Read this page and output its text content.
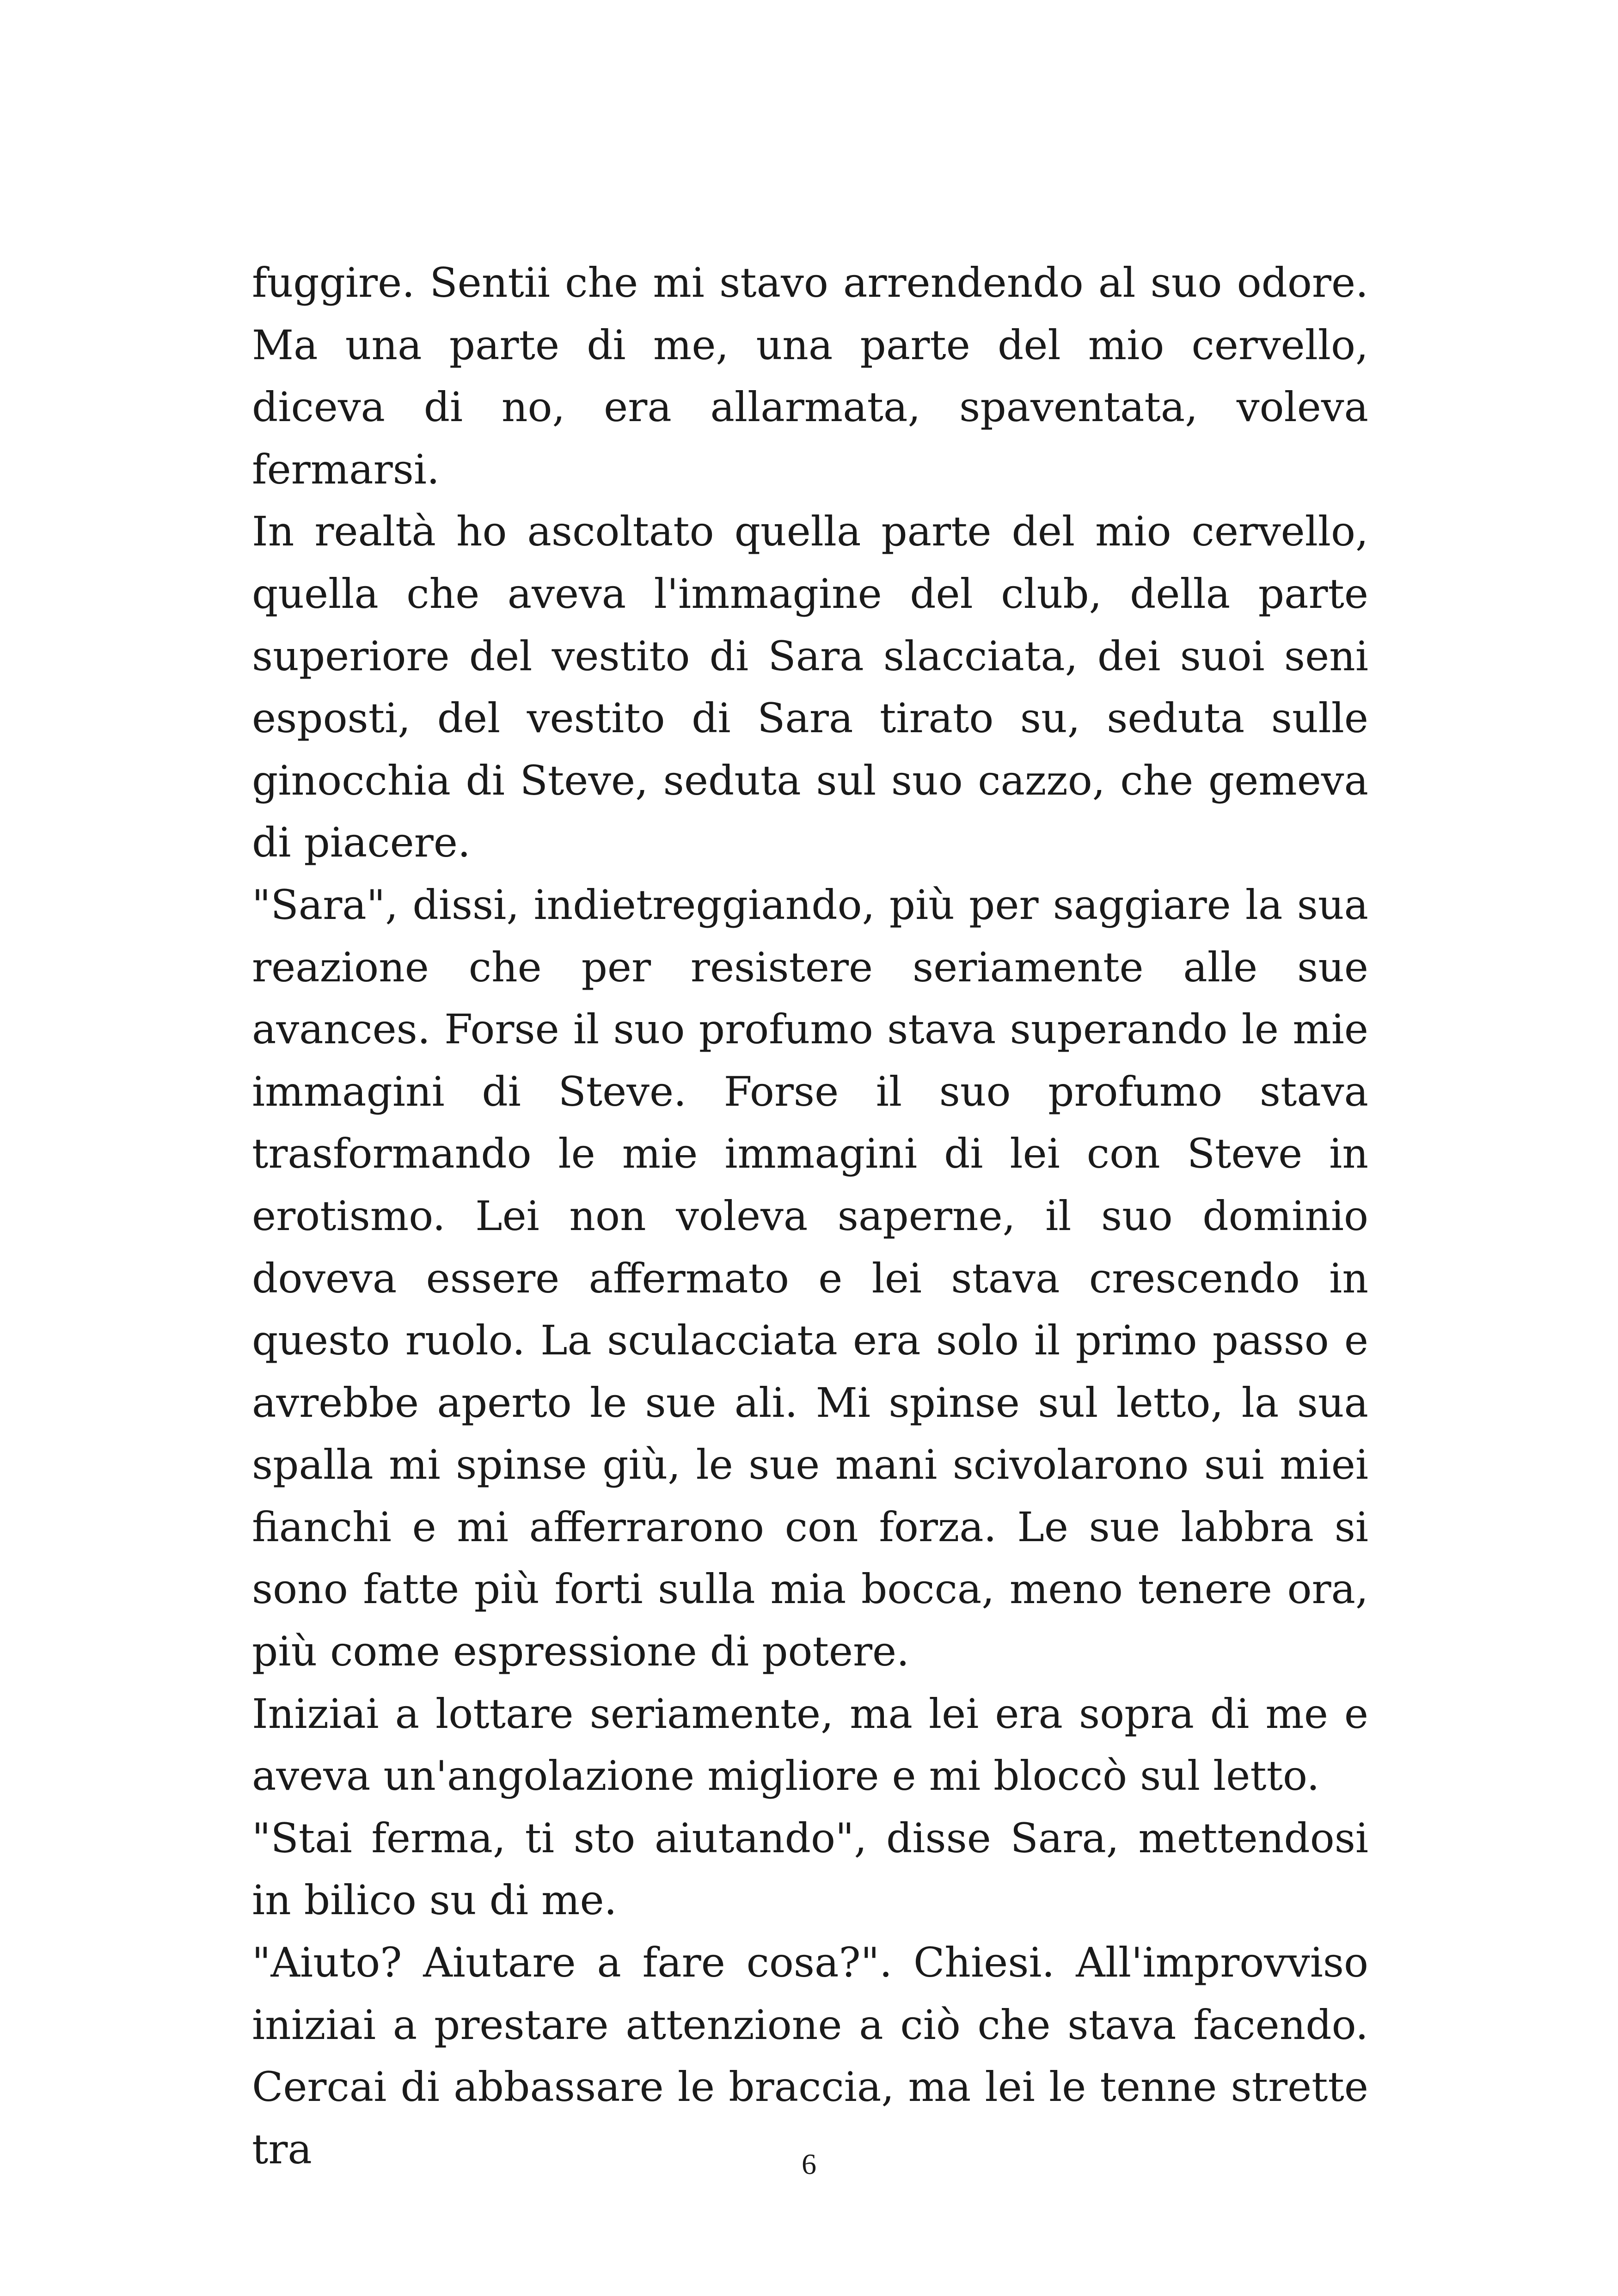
fuggire. Sentii che mi stavo arrendendo al suo odore. Ma una parte di me, una parte del mio cervello, diceva di no, era allarmata, spaventata, voleva fermarsi.

In realtà ho ascoltato quella parte del mio cervello, quella che aveva l'immagine del club, della parte superiore del vestito di Sara slacciata, dei suoi seni esposti, del vestito di Sara tirato su, seduta sulle ginocchia di Steve, seduta sul suo cazzo, che gemeva di piacere.

"Sara", dissi, indietreggiando, più per saggiare la sua reazione che per resistere seriamente alle sue avances. Forse il suo profumo stava superando le mie immagini di Steve. Forse il suo profumo stava trasformando le mie immagini di lei con Steve in erotismo. Lei non voleva saperne, il suo dominio doveva essere affermato e lei stava crescendo in questo ruolo. La sculacciata era solo il primo passo e avrebbe aperto le sue ali. Mi spinse sul letto, la sua spalla mi spinse giù, le sue mani scivolarono sui miei fianchi e mi afferrarono con forza. Le sue labbra si sono fatte più forti sulla mia bocca, meno tenere ora, più come espressione di potere.

Iniziai a lottare seriamente, ma lei era sopra di me e aveva un'angolazione migliore e mi bloccò sul letto.

"Stai ferma, ti sto aiutando", disse Sara, mettendosi in bilico su di me.

"Aiuto? Aiutare a fare cosa?". Chiesi. All'improvviso iniziai a prestare attenzione a ciò che stava facendo. Cercai di abbassare le braccia, ma lei le tenne strette tra	6
